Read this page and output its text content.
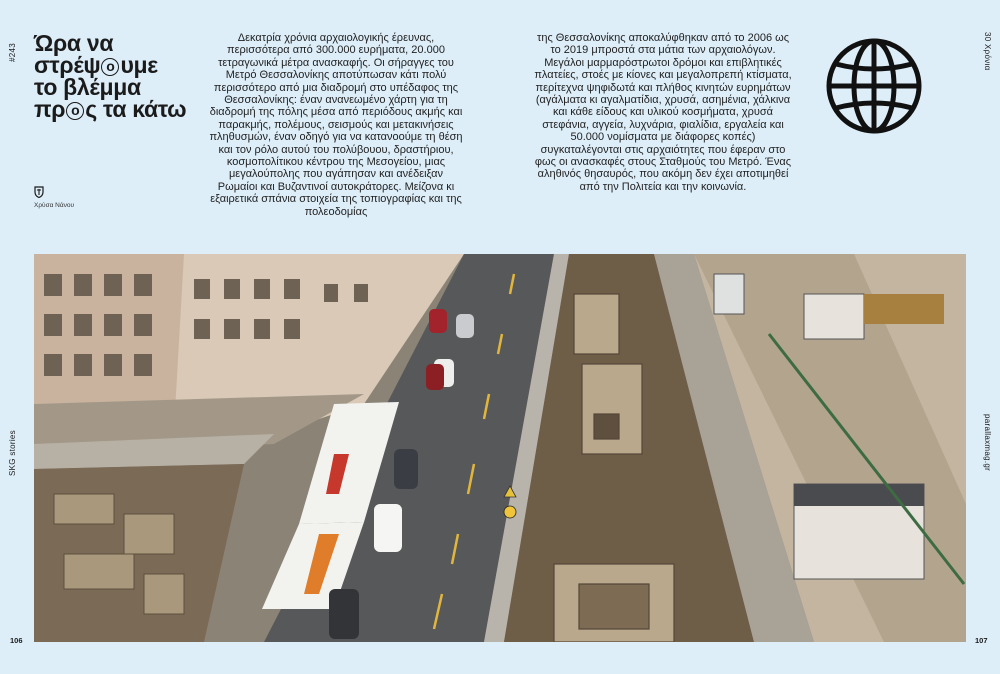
#243
SKG stories
30 Χρόνια
parallaxmag.gr
Ώρα να
στρέψ ο υμε
το βλέμμα
πρ ο ς τα κάτω
Χρύσα Νάνου
Δεκατρία χρόνια αρχαιολογικής έρευνας, περισσότερα από 300.000 ευρήματα, 20.000 τετραγωνικά μέτρα ανασκαφής. Οι σήραγγες του Μετρό Θεσσαλονίκης αποτύπωσαν κάτι πολύ περισσότερο από μια διαδρομή στο υπέδαφος της Θεσσαλονίκης: έναν ανανεωμένο χάρτη για τη διαδρομή της πόλης μέσα από περιόδους ακμής και παρακμής, πολέμους, σεισμούς και μετακινήσεις πληθυσμών, έναν οδηγό για να κατανοούμε τη θέση και τον ρόλο αυτού του πολύβουου, δραστήριου, κοσμοπολίτικου κέντρου της Μεσογείου, μιας μεγαλούπολης που αγάπησαν και ανέδειξαν Ρωμαίοι και Βυζαντινοί αυτοκράτορες. Μείζονα κι εξαιρετικά σπάνια στοιχεία της τοπιογραφίας και της πολεοδομίας
της Θεσσαλονίκης αποκαλύφθηκαν από το 2006 ως το 2019 μπροστά στα μάτια των αρχαιολόγων. Μεγάλοι μαρμαρόστρωτοι δρόμοι και επιβλητικές πλατείες, στοές με κίονες και μεγαλοπρεπή κτίσματα, περίτεχνα ψηφιδωτά και πλήθος κινητών ευρημάτων (αγάλματα κι αγαλματίδια, χρυσά, ασημένια, χάλκινα και κάθε είδους και υλικού κοσμήματα, χρυσά στεφάνια, αγγεία, λυχνάρια, φιαλίδια, εργαλεία και 50.000 νομίσματα με διάφορες κοπές) συγκαταλέγονται στις αρχαιότητες που έφεραν στο φως οι ανασκαφές στους Σταθμούς του Μετρό. Ένας αληθινός θησαυρός, που ακόμη δεν έχει αποτιμηθεί από την Πολιτεία και την κοινωνία.
106	107
